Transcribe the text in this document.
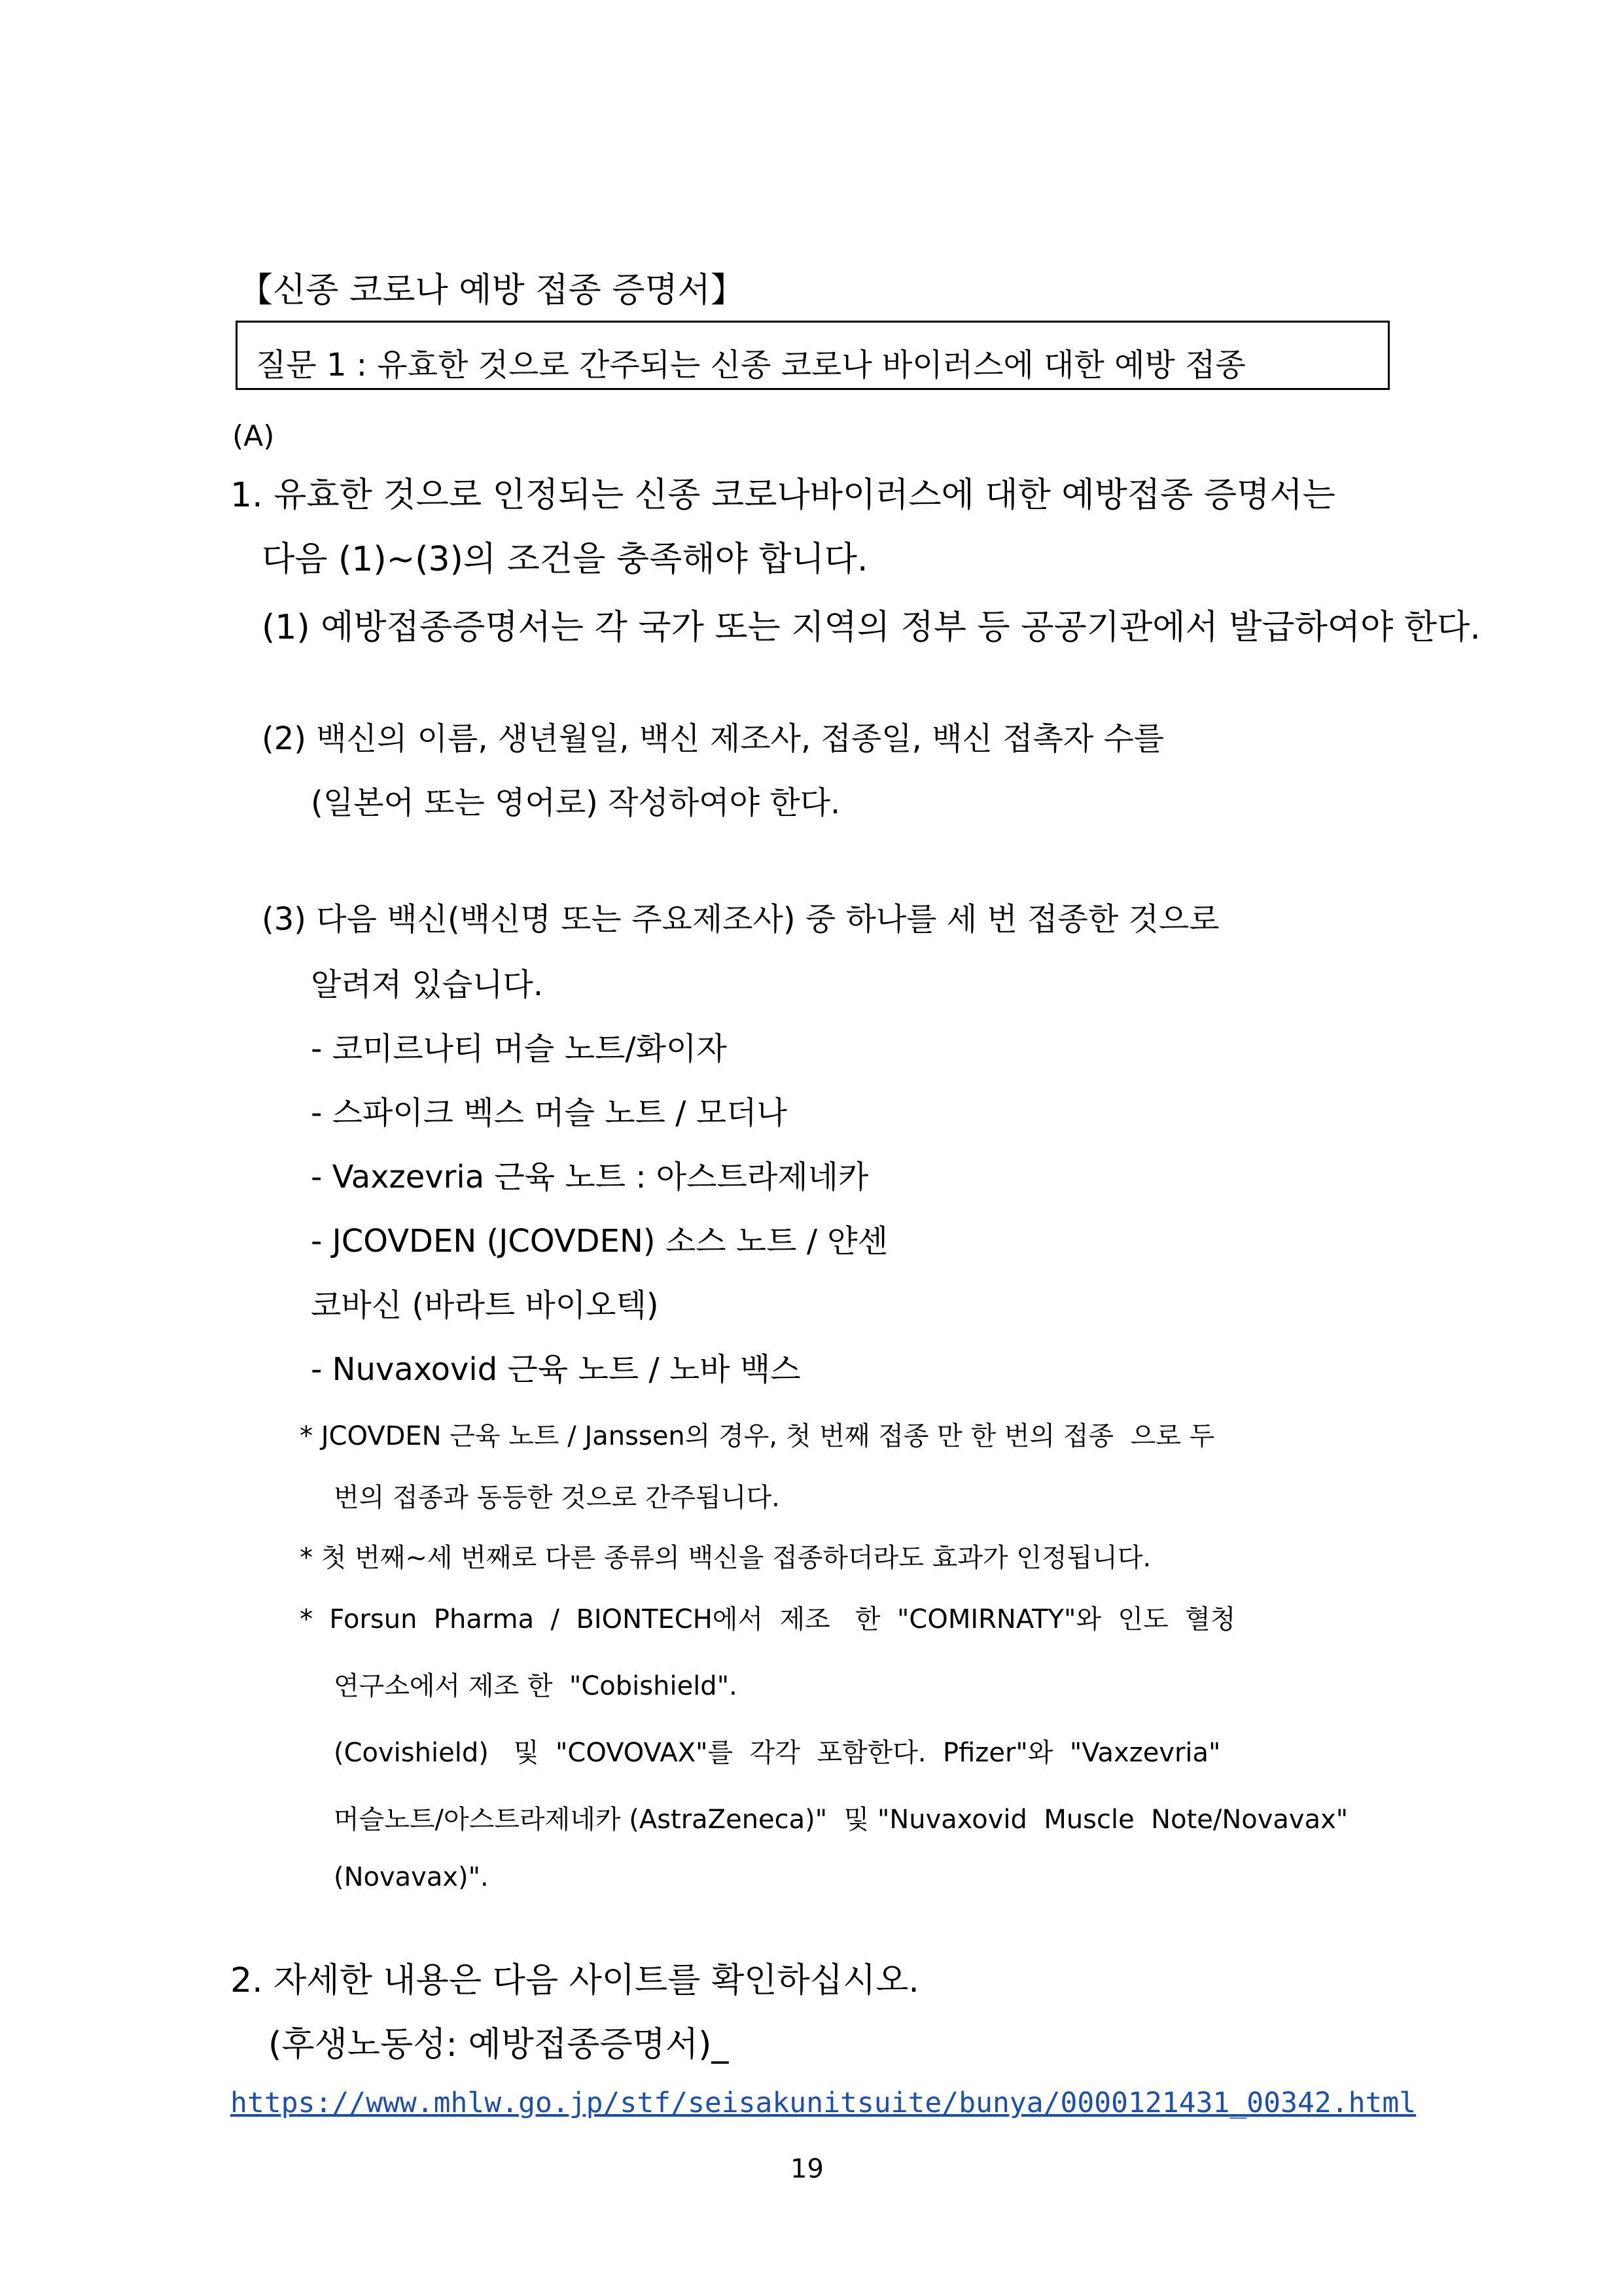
【신종 코로나 예방 접종 증명서】
질문 1 : 유효한 것으로 간주되는 신종 코로나 바이러스에 대한 예방 접종
(A)
1. 유효한 것으로 인정되는 신종 코로나바이러스에 대한 예방접종 증명서는
다음 (1)~(3)의 조건을 충족해야 합니다.
(1) 예방접종증명서는 각 국가 또는 지역의 정부 등 공공기관에서 발급하여야 한다.
(2) 백신의 이름, 생년월일, 백신 제조사, 접종일, 백신 접촉자 수를
(일본어 또는 영어로) 작성하여야 한다.
(3) 다음 백신(백신명 또는 주요제조사) 중 하나를 세 번 접종한 것으로
알려져 있습니다.
- 코미르나티 머슬 노트/화이자
- 스파이크 벡스 머슬 노트 / 모더나
- Vaxzevria 근육 노트 : 아스트라제네카
- JCOVDEN (JCOVDEN) 소스 노트 / 얀센
코바신 (바라트 바이오텍)
- Nuvaxovid 근육 노트 / 노바 백스
* JCOVDEN 근육 노트 / Janssen의 경우, 첫 번째 접종 만 한 번의 접종  으로 두
번의 접종과 동등한 것으로 간주됩니다.
* 첫 번째~세 번째로 다른 종류의 백신을 접종하더라도 효과가 인정됩니다.
*  Forsun  Pharma  /  BIONTECH에서  제조   한  "COMIRNATY"와  인도  혈청
연구소에서 제조 한  "Cobishield".
(Covishield)   및  "COVOVAX"를  각각  포함한다.  Pfizer"와  "Vaxzevria"
머슬노트/아스트라제네카 (AstraZeneca)"  및 "Nuvaxovid  Muscle  Note/Novavax"
(Novavax)".
2. 자세한 내용은 다음 사이트를 확인하십시오.
(후생노동성: 예방접종증명서)_
https://www.mhlw.go.jp/stf/seisakunitsuite/bunya/0000121431_00342.html
19
